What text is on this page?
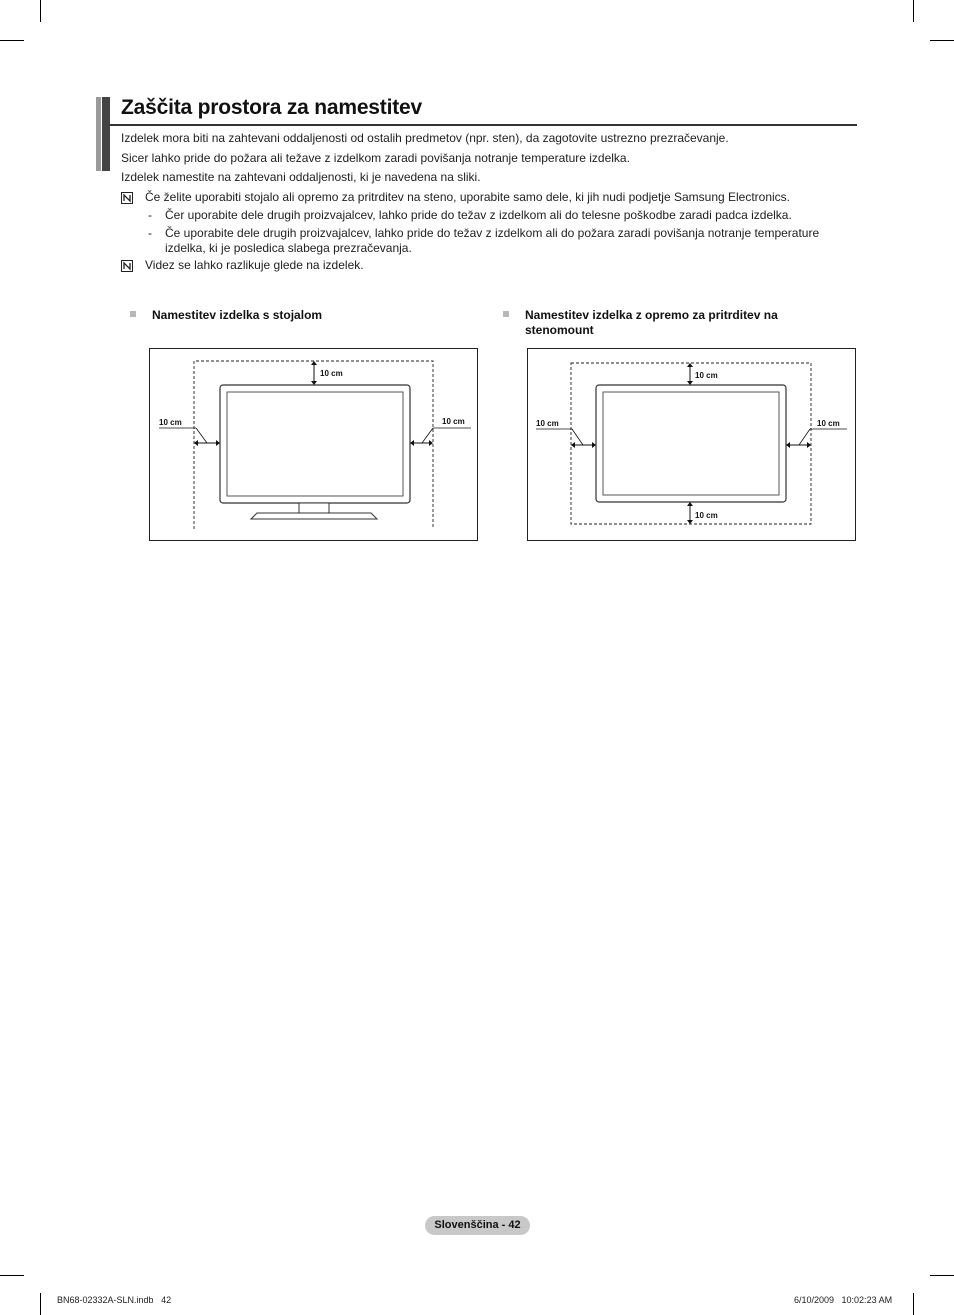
Zaščita prostora za namestitev
Izdelek mora biti na zahtevani oddaljenosti od ostalih predmetov (npr. sten), da zagotovite ustrezno prezračevanje.
Sicer lahko pride do požara ali težave z izdelkom zaradi povišanja notranje temperature izdelka.
Izdelek namestite na zahtevani oddaljenosti, ki je navedena na sliki.
Če želite uporabiti stojalo ali opremo za pritrditev na steno, uporabite samo dele, ki jih nudi podjetje Samsung Electronics.
- Čer uporabite dele drugih proizvajalcev, lahko pride do težav z izdelkom ali do telesne poškodbe zaradi padca izdelka.
- Če uporabite dele drugih proizvajalcev, lahko pride do težav z izdelkom ali do požara zaradi povišanja notranje temperature izdelka, ki je posledica slabega prezračevanja.
Videz se lahko razlikuje glede na izdelek.
Namestitev izdelka s stojalom	Namestitev izdelka z opremo za pritrditev na stenomount
10 cm
10 cm	10 cm
10 cm
10 cm
10 cm	10 cm
Slovenščina - 42
BN68-02332A-SLN.indb   42	6/10/2009   10:02:23 AM
